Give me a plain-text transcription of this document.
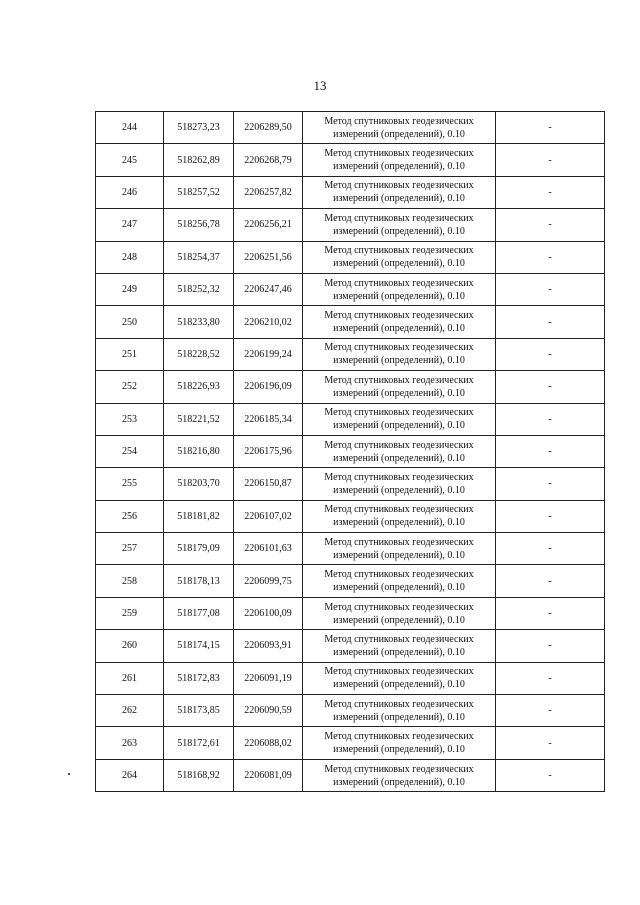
13
244	518273,23	2206289,50	Метод спутниковых геодезических
измерений (определений), 0.10	-
245	518262,89	2206268,79	Метод спутниковых геодезических
измерений (определений), 0.10	-
246	518257,52	2206257,82	Метод спутниковых геодезических
измерений (определений), 0.10	-
247	518256,78	2206256,21	Метод спутниковых геодезических
измерений (определений), 0.10	-
248	518254,37	2206251,56	Метод спутниковых геодезических
измерений (определений), 0.10	-
249	518252,32	2206247,46	Метод спутниковых геодезических
измерений (определений), 0.10	-
250	518233,80	2206210,02	Метод спутниковых геодезических
измерений (определений), 0.10	-
251	518228,52	2206199,24	Метод спутниковых геодезических
измерений (определений), 0.10	-
252	518226,93	2206196,09	Метод спутниковых геодезических
измерений (определений), 0.10	-
253	518221,52	2206185,34	Метод спутниковых геодезических
измерений (определений), 0.10	-
254	518216,80	2206175,96	Метод спутниковых геодезических
измерений (определений), 0.10	-
255	518203,70	2206150,87	Метод спутниковых геодезических
измерений (определений), 0.10	-
256	518181,82	2206107,02	Метод спутниковых геодезических
измерений (определений), 0.10	-
257	518179,09	2206101,63	Метод спутниковых геодезических
измерений (определений), 0.10	-
258	518178,13	2206099,75	Метод спутниковых геодезических
измерений (определений), 0.10	-
259	518177,08	2206100,09	Метод спутниковых геодезических
измерений (определений), 0.10	-
260	518174,15	2206093,91	Метод спутниковых геодезических
измерений (определений), 0.10	-
261	518172,83	2206091,19	Метод спутниковых геодезических
измерений (определений), 0.10	-
262	518173,85	2206090,59	Метод спутниковых геодезических
измерений (определений), 0.10	-
263	518172,61	2206088,02	Метод спутниковых геодезических
измерений (определений), 0.10	-
264	518168,92	2206081,09	Метод спутниковых геодезических
измерений (определений), 0.10	-
